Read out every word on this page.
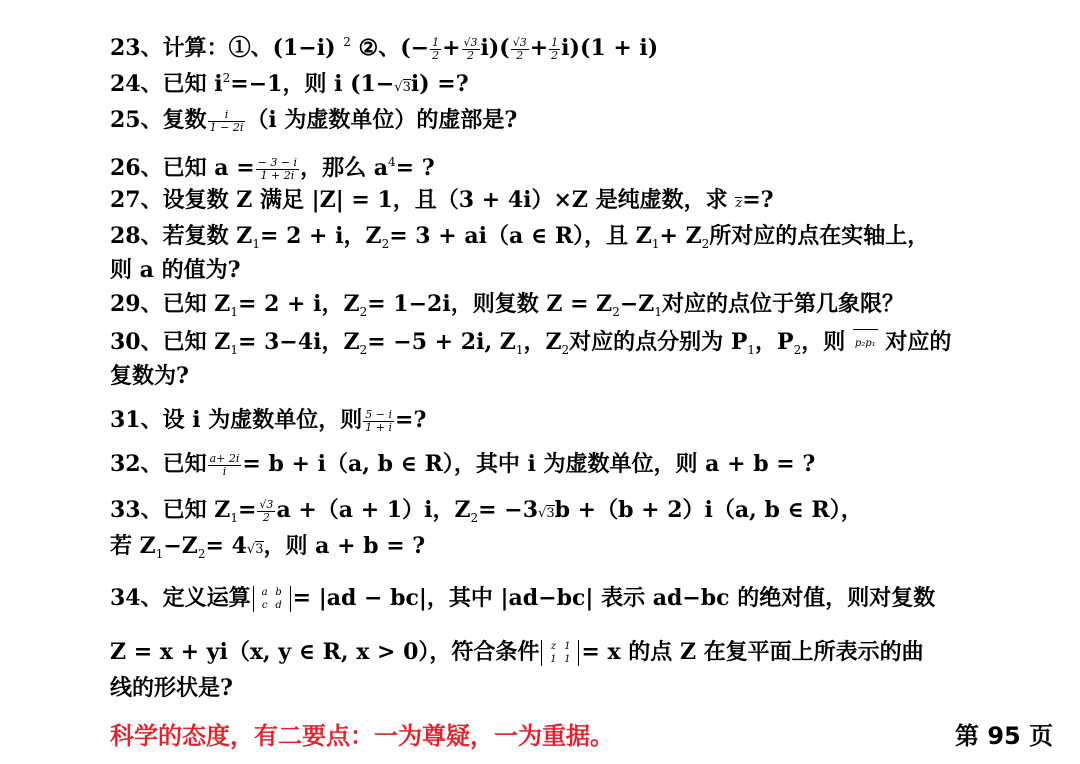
23、计算：①、(1−i) $^2$ ②、(− $\frac{1}{2} + \frac{√3}{2} i)( \frac{√3}{2} + \frac{1}{2} i)(1 + i)$
24、已知 $i^2=-1$，则 i (1−√3i) =?
25、复数 $\frac{i}{1 - 2i} (i$ 为虚数单位）的虚部是?
26、已知 $a = \frac{- 3 - i}{1 + 2i}$ ，那么 $a^4=$ ?
27、设复数 Z 满足 |Z| = 1，且（3 + 4i）×Z 是纯虚数，求 z=?
28、若复数 $Z_1= 2 + i$，$Z_2= 3 + ai(a$ ∈ R），且 $Z_1+ Z_2$所对应的点在实轴上，
则 a 的值为?
29、已知 $Z_1= 2 + i$，$Z_2= 1-2i$，则复数 $Z = Z_2-Z_1$对应的点位于第几象限？
30、已知 $Z_1= 3-4i$，$Z_2= -5 + 2i$, $Z_1$，$Z_2$对应的点分别为 $P_1$，$P_2$，则 p₂p₁ 对应的
复数为?
31、设 i 为虚数单位，则 $\frac{5 - i}{1 + i}$ =?
32、已知 $\frac{a+ 2i}{i} = b + i(a$, b ∈ R），其中 i 为虚数单位，则 a + b = ?
33、已知 $Z_1= \frac{√3}{2}$ a +（a + 1）i，$Z_2= -3√3b +(b + 2)i(a$, b ∈ R），
若 $Z_1-Z_2= 4√3$，则 a + b = ?
34、定义运算 a b
c d = |ad − bc|，其中 |ad−bc| 表示 ad−bc 的绝对值，则对复数
Z = x + yi（x, y ∈ R, x > 0），符合条件 z 1
1 1 = x 的点 Z 在复平面上所表示的曲
线的形状是?
科学的态度，有二要点：一为尊疑，一为重据。	第 95 页
